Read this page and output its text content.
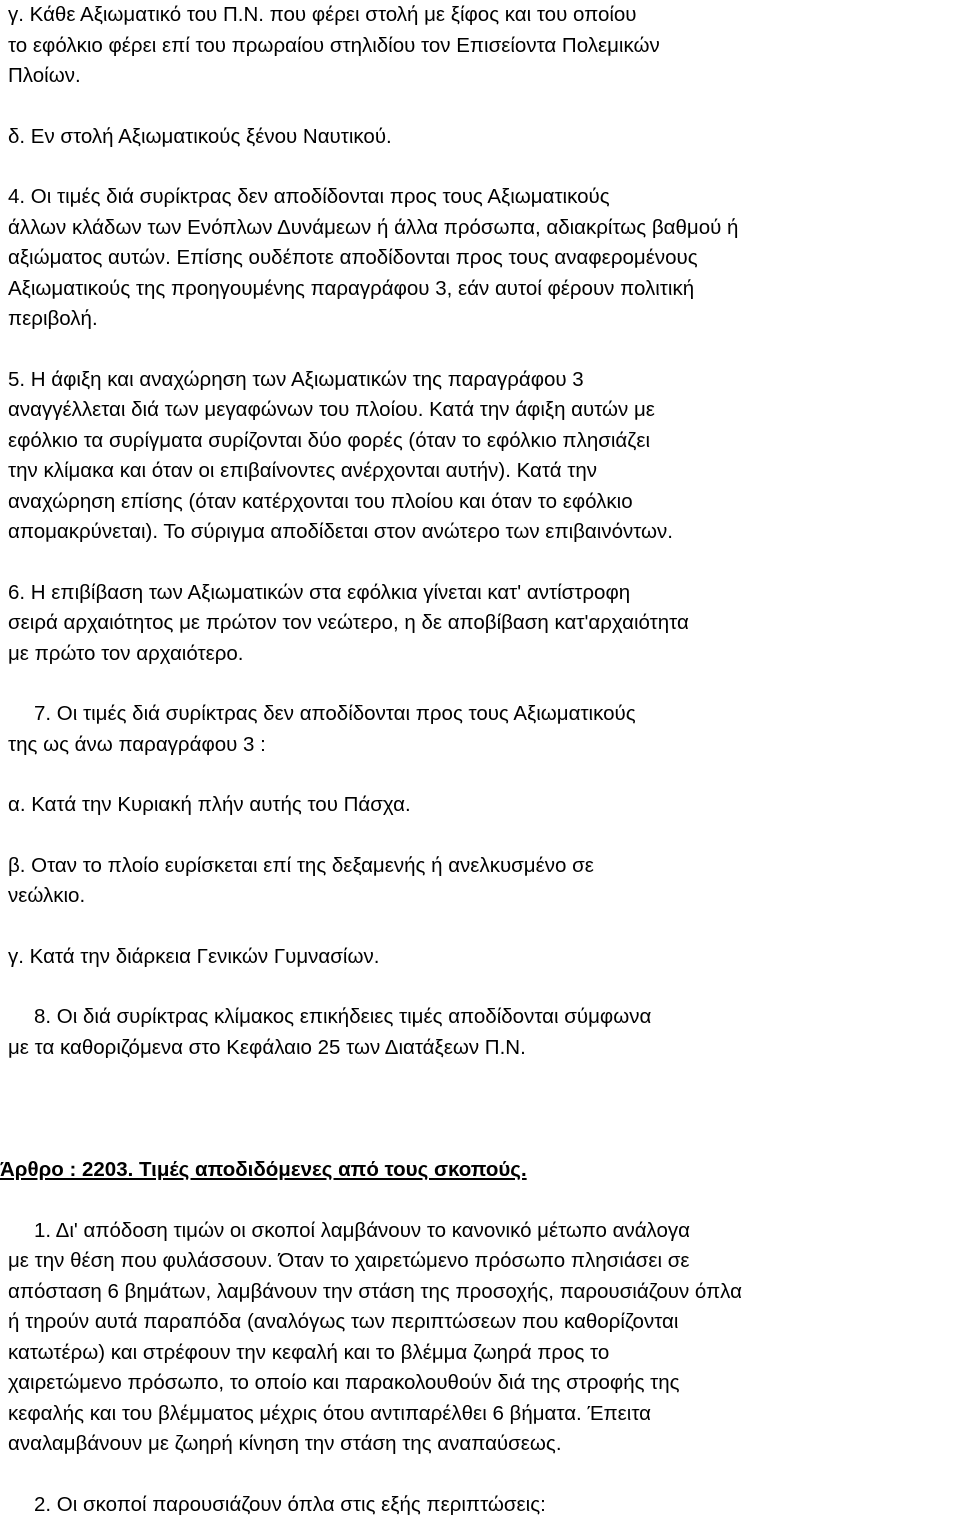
γ. Κάθε Αξιωματικό του Π.Ν. που φέρει στολή με ξίφος και του οποίου
το εφόλκιο φέρει επί του πρωραίου στηλιδίου τον Επισείοντα Πολεμικών
Πλοίων.

δ. Εν στολή Αξιωματικούς ξένου Ναυτικού.

4. Οι τιμές διά συρίκτρας δεν αποδίδονται προς τους Αξιωματικούς
άλλων κλάδων των Ενόπλων Δυνάμεων ή άλλα πρόσωπα, αδιακρίτως βαθμού ή
αξιώματος αυτών. Επίσης ουδέποτε αποδίδονται προς τους αναφερομένους
Αξιωματικούς της προηγουμένης παραγράφου 3, εάν αυτοί φέρουν πολιτική
περιβολή.

5. Η άφιξη και αναχώρηση των Αξιωματικών της παραγράφου 3
αναγγέλλεται διά των μεγαφώνων του πλοίου. Κατά την άφιξη αυτών με
εφόλκιο τα συρίγματα συρίζονται δύο φορές (όταν το εφόλκιο πλησιάζει
την κλίμακα και όταν οι επιβαίνοντες ανέρχονται αυτήν). Κατά την
αναχώρηση επίσης (όταν κατέρχονται του πλοίου και όταν το εφόλκιο
απομακρύνεται). Το σύριγμα αποδίδεται στον ανώτερο των επιβαινόντων.

6. Η επιβίβαση των Αξιωματικών στα εφόλκια γίνεται κατ' αντίστροφη
σειρά αρχαιότητος με πρώτον τον νεώτερο, η δε αποβίβαση κατ'αρχαιότητα
με πρώτο τον αρχαιότερο.

7. Οι τιμές διά συρίκτρας δεν αποδίδονται προς τους Αξιωματικούς
της ως άνω παραγράφου 3 :

α. Κατά την Κυριακή πλήν αυτής του Πάσχα.

β. Οταν το πλοίο ευρίσκεται επί της δεξαμενής ή ανελκυσμένο σε
νεώλκιο.

γ. Κατά την διάρκεια Γενικών Γυμνασίων.

8. Οι διά συρίκτρας κλίμακος επικήδειες τιμές αποδίδονται σύμφωνα
με τα καθοριζόμενα στο Κεφάλαιο 25 των Διατάξεων Π.Ν.

Άρθρο : 2203. Τιμές αποδιδόμενες από τους σκοπούς.

1. Δι' απόδοση τιμών οι σκοποί λαμβάνουν το κανονικό μέτωπο ανάλογα
με την θέση που φυλάσσουν. Όταν το χαιρετώμενο πρόσωπο πλησιάσει σε
απόσταση 6 βημάτων, λαμβάνουν την στάση της προσοχής, παρουσιάζουν όπλα
ή τηρούν αυτά παραπόδα (αναλόγως των περιπτώσεων που καθορίζονται
κατωτέρω) και στρέφουν την κεφαλή και το βλέμμα ζωηρά προς το
χαιρετώμενο πρόσωπο, το οποίο και παρακολουθούν διά της στροφής της
κεφαλής και του βλέμματος μέχρις ότου αντιπαρέλθει 6 βήματα. Έπειτα
αναλαμβάνουν με ζωηρή κίνηση την στάση της αναπαύσεως.

2. Οι σκοποί παρουσιάζουν όπλα στις εξής περιπτώσεις:
